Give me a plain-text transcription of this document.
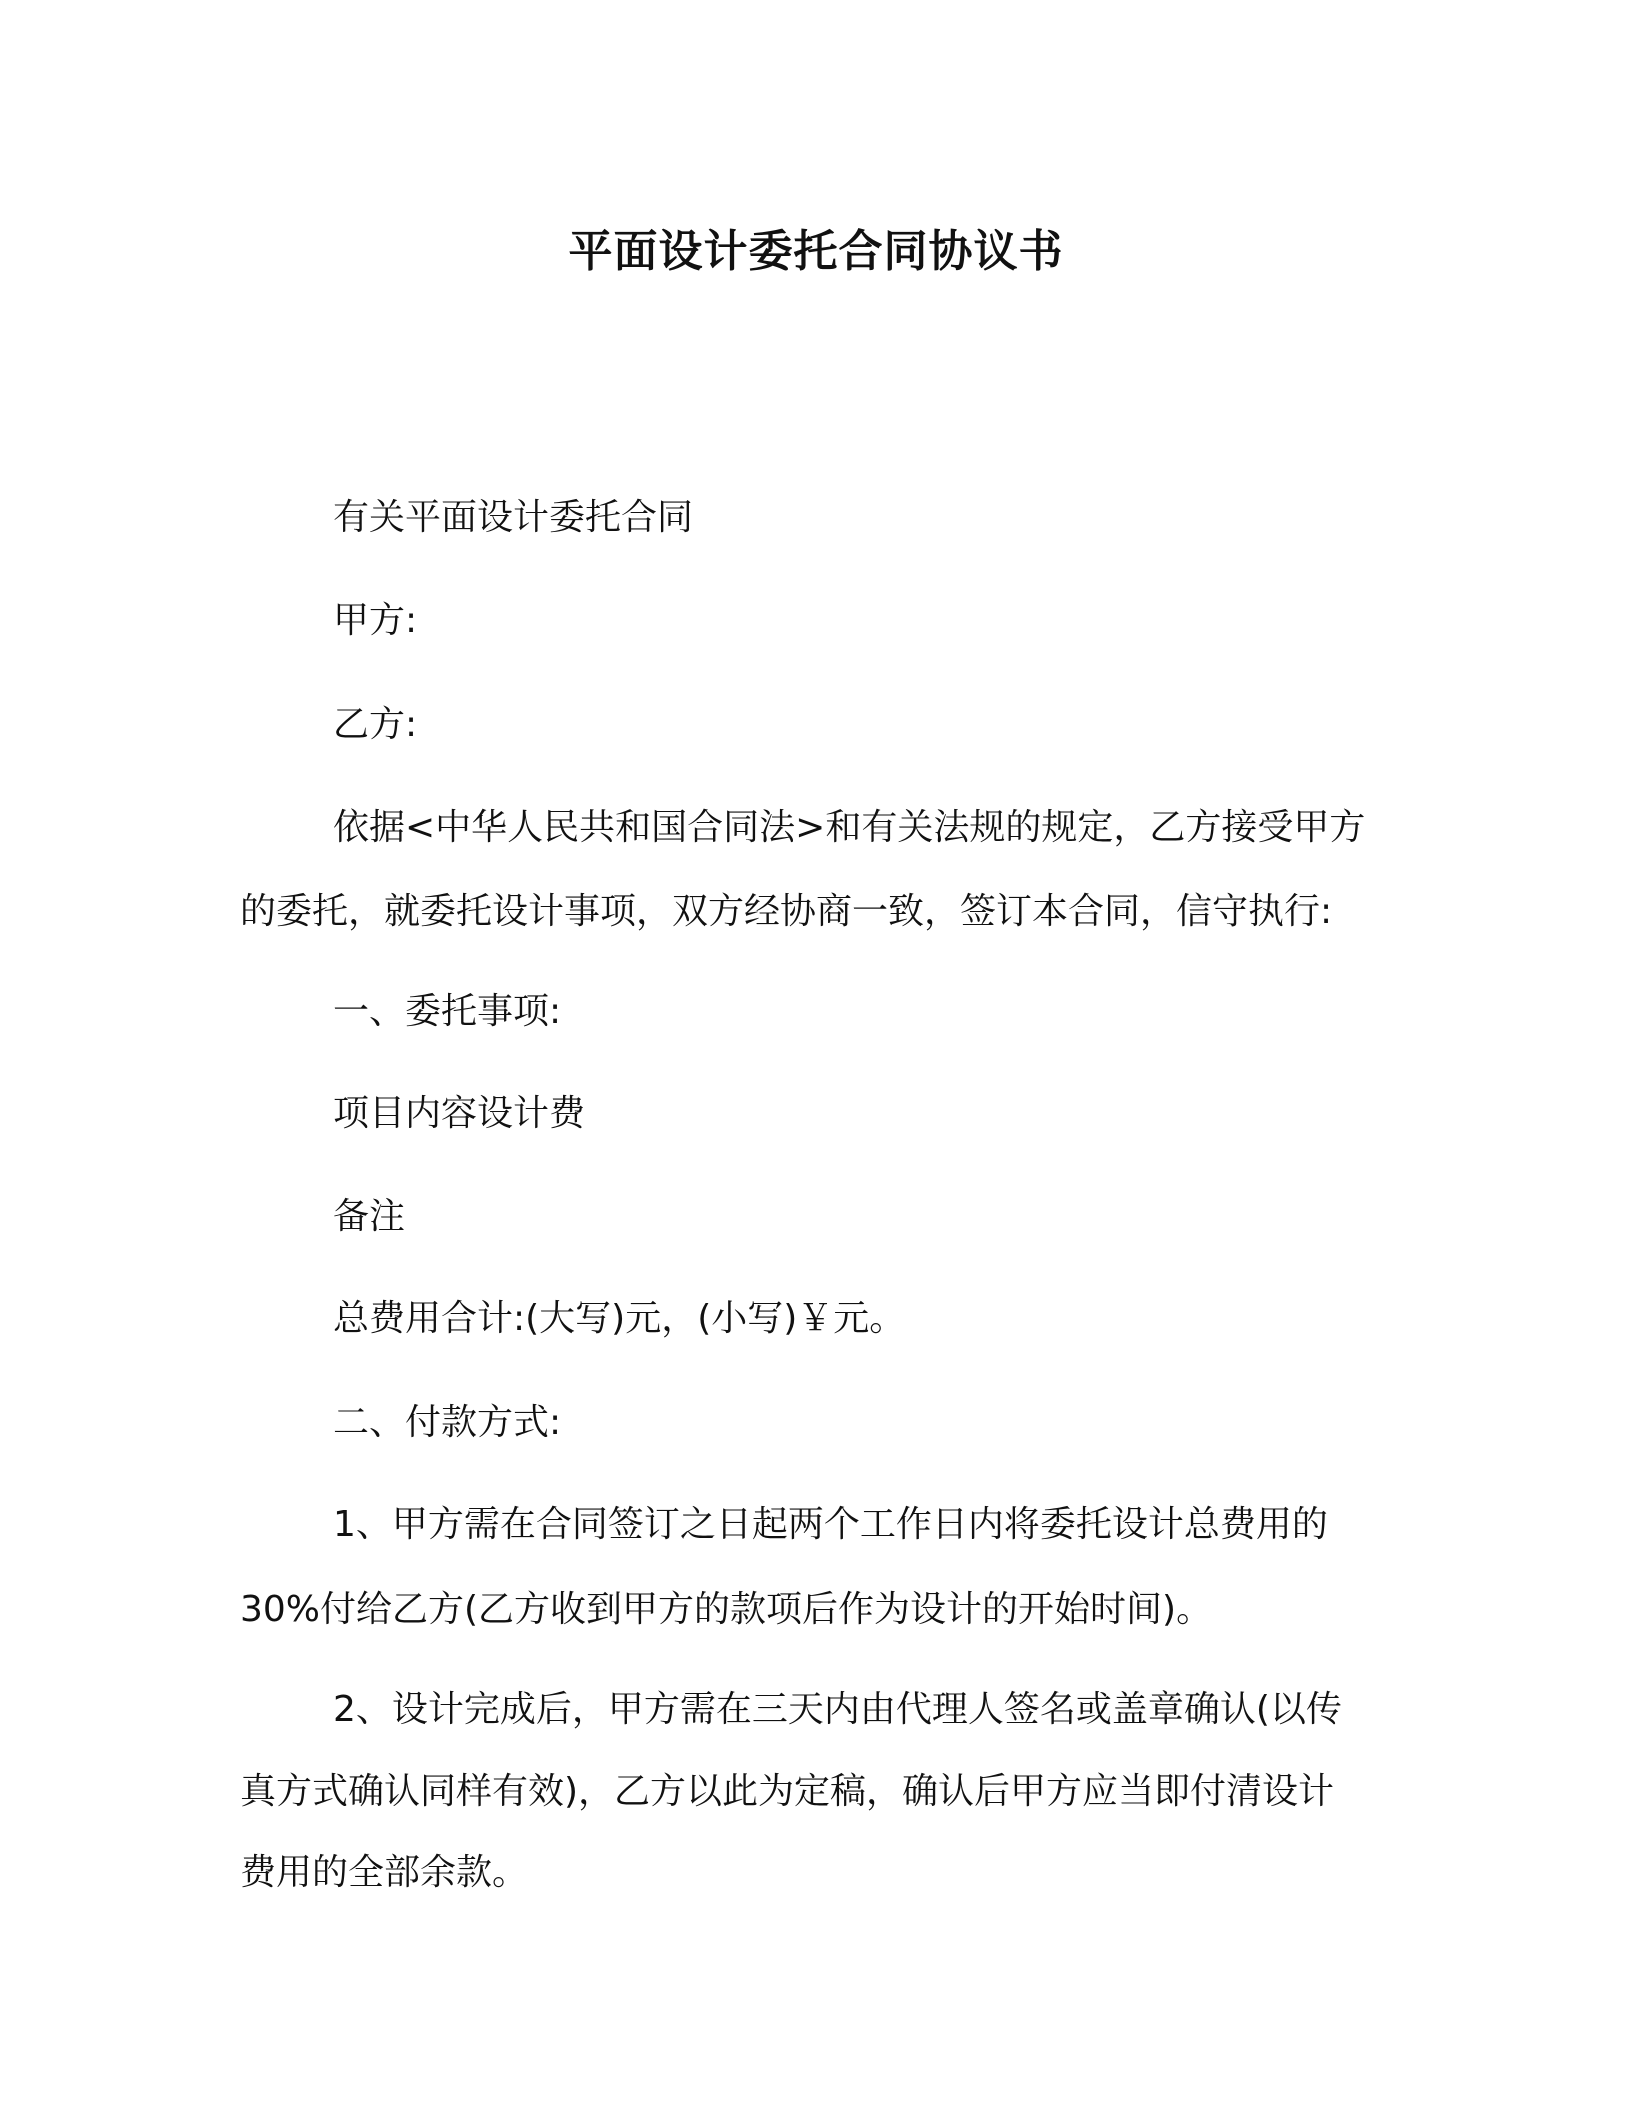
平面设计委托合同协议书
有关平面设计委托合同
甲方:
乙方:
依据<中华人民共和国合同法>和有关法规的规定，乙方接受甲方
的委托，就委托设计事项，双方经协商一致，签订本合同，信守执行:
一、委托事项:
项目内容设计费
备注
总费用合计:(大写)元，(小写)￥元。
二、付款方式:
1、甲方需在合同签订之日起两个工作日内将委托设计总费用的
30%付给乙方(乙方收到甲方的款项后作为设计的开始时间)。
2、设计完成后，甲方需在三天内由代理人签名或盖章确认(以传
真方式确认同样有效)，乙方以此为定稿，确认后甲方应当即付清设计
费用的全部余款。
